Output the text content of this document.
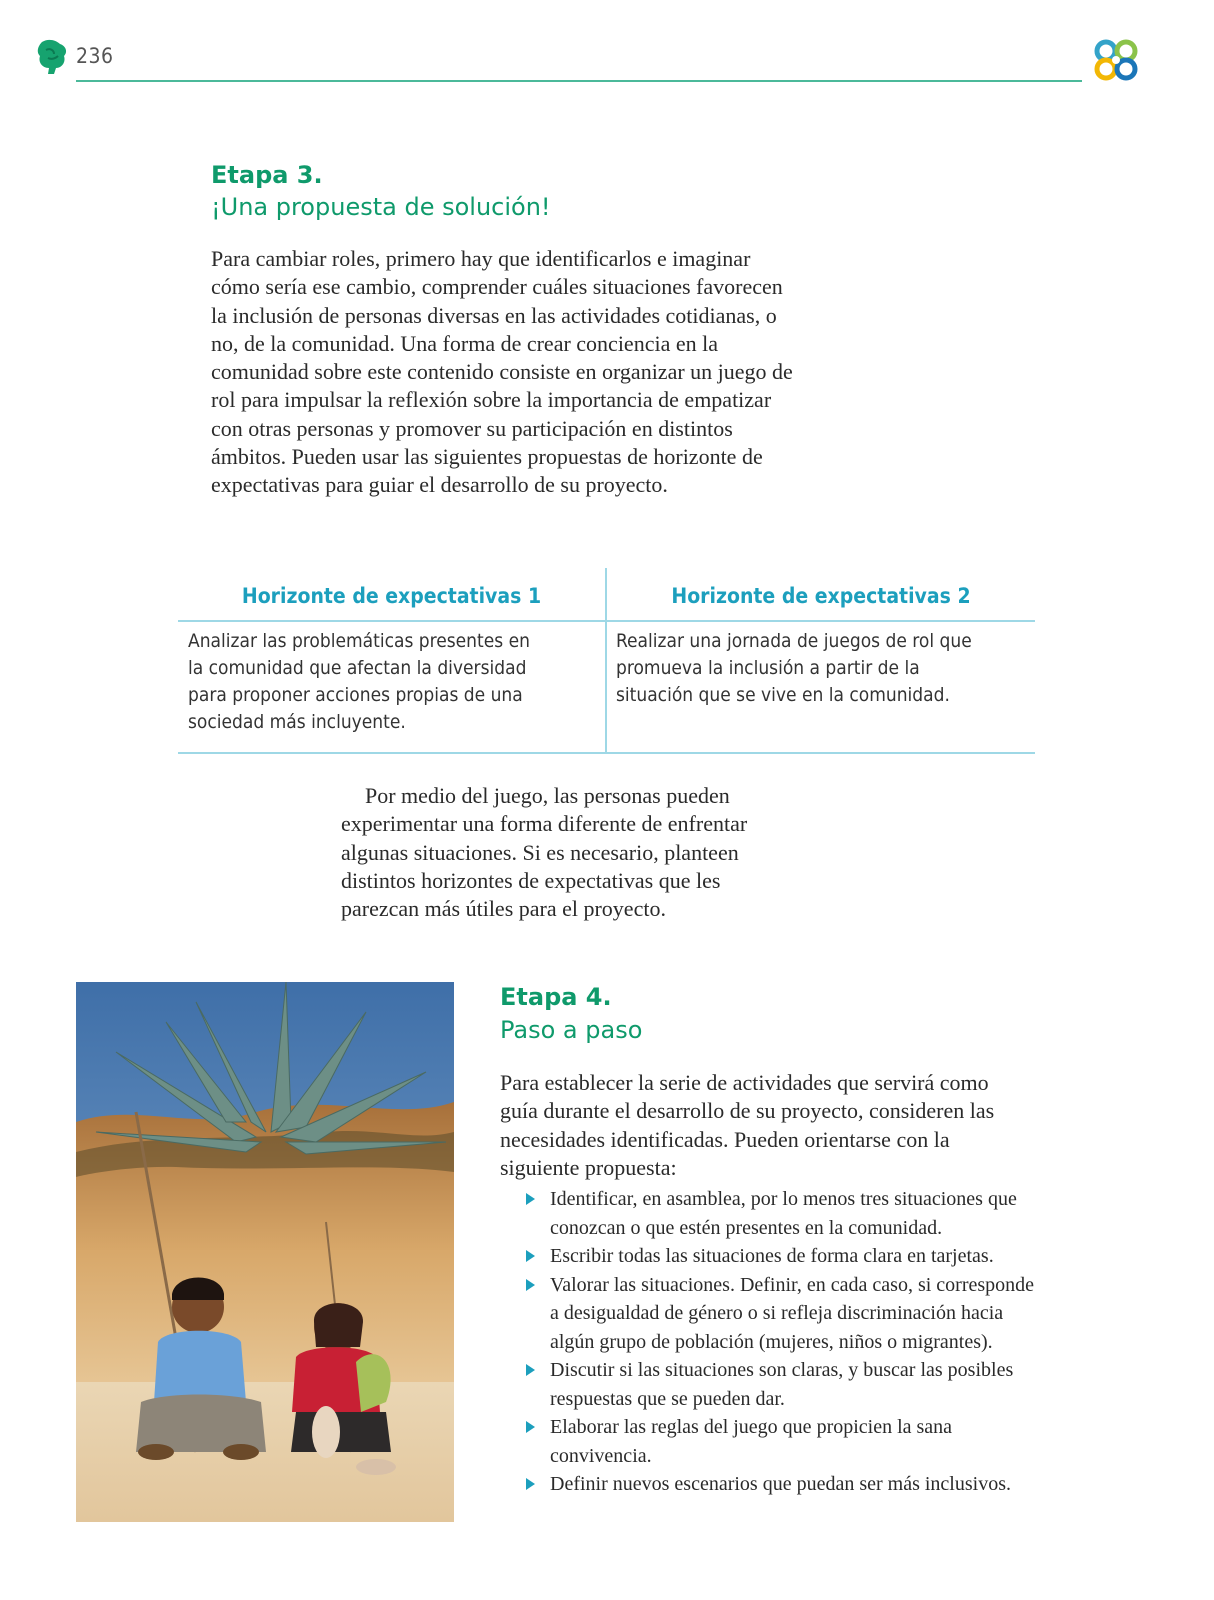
236
Etapa 3.
¡Una propuesta de solución!

Para cambiar roles, primero hay que identificarlos e imaginar cómo sería ese cambio, comprender cuáles situaciones favorecen la inclusión de personas diversas en las actividades cotidianas, o no, de la comunidad. Una forma de crear conciencia en la comunidad sobre este contenido consiste en organizar un juego de rol para impulsar la reflexión sobre la importancia de empatizar con otras personas y promover su participación en distintos ámbitos. Pueden usar las siguientes propuestas de horizonte de expectativas para guiar el desarrollo de su proyecto.

Horizonte de expectativas 1	Horizonte de expectativas 2

Analizar las problemáticas presentes en la comunidad que afectan la diversidad para proponer acciones propias de una sociedad más incluyente.

Realizar una jornada de juegos de rol que promueva la inclusión a partir de la situación que se vive en la comunidad.

Por medio del juego, las personas pueden experimentar una forma diferente de enfrentar algunas situaciones. Si es necesario, planteen distintos horizontes de expectativas que les parezcan más útiles para el proyecto.

Etapa 4.
Paso a paso

Para establecer la serie de actividades que servirá como guía durante el desarrollo de su proyecto, consideren las necesidades identificadas. Pueden orientarse con la siguiente propuesta:

Identificar, en asamblea, por lo menos tres situaciones que conozcan o que estén presentes en la comunidad.
Escribir todas las situaciones de forma clara en tarjetas.
Valorar las situaciones. Definir, en cada caso, si corresponde a desigualdad de género o si refleja discriminación hacia algún grupo de población (mujeres, niños o migrantes).
Discutir si las situaciones son claras, y buscar las posibles respuestas que se pueden dar.
Elaborar las reglas del juego que propicien la sana convivencia.
Definir nuevos escenarios que puedan ser más inclusivos.
